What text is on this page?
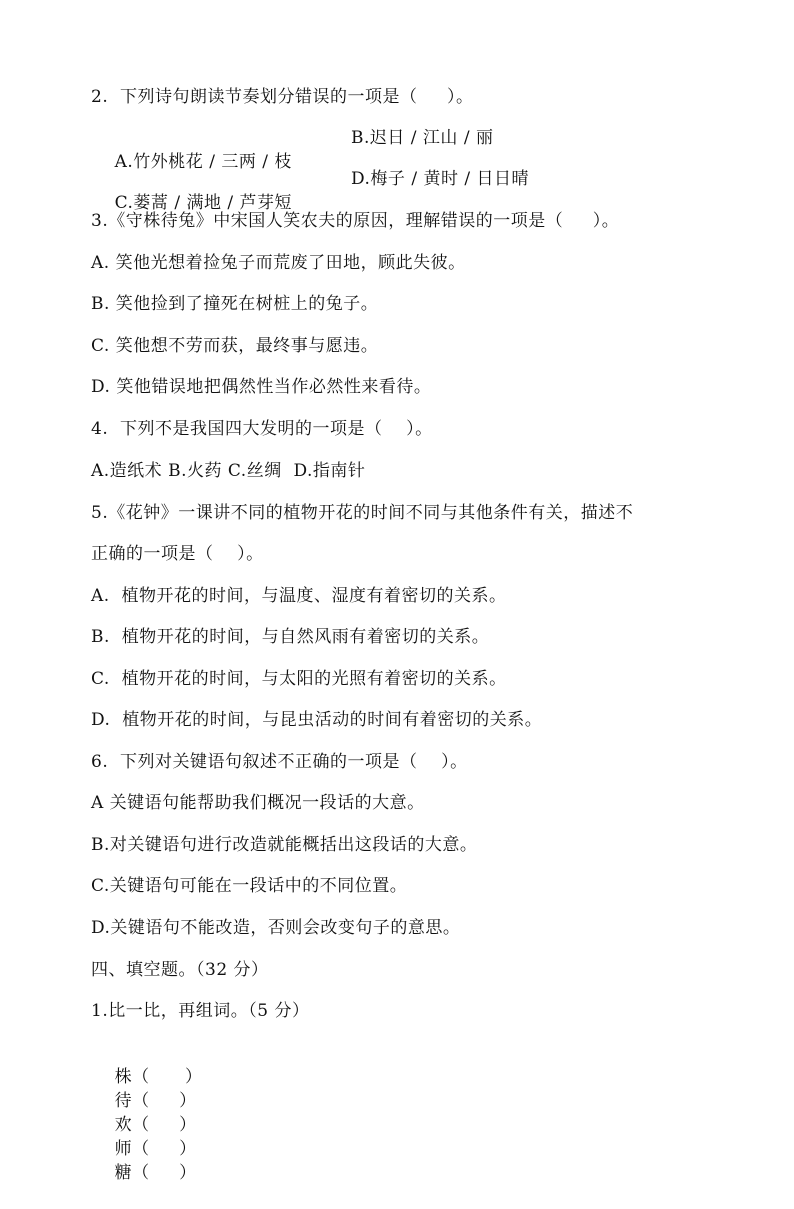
2.  下列诗句朗读节奏划分错误的一项是（     ）。

A.竹外桃花 / 三两 / 枝

B.迟日 / 江山 / 丽

C.蒌蒿 / 满地 / 芦芽短

D.梅子 / 黄时 / 日日晴

3.《守株待兔》中宋国人笑农夫的原因，理解错误的一项是（     ）。
A. 笑他光想着捡兔子而荒废了田地，顾此失彼。
B. 笑他捡到了撞死在树桩上的兔子。
C. 笑他想不劳而获，最终事与愿违。
D. 笑他错误地把偶然性当作必然性来看待。
4.  下列不是我国四大发明的一项是（    ）。
A.造纸术 B.火药 C.丝绸  D.指南针
5.《花钟》一课讲不同的植物开花的时间不同与其他条件有关，描述不
正确的一项是（    ）。
A.  植物开花的时间，与温度、湿度有着密切的关系。
B.  植物开花的时间，与自然风雨有着密切的关系。
C.  植物开花的时间，与太阳的光照有着密切的关系。
D.  植物开花的时间，与昆虫活动的时间有着密切的关系。
6.  下列对关键语句叙述不正确的一项是（    ）。
A 关键语句能帮助我们概况一段话的大意。
B.对关键语句进行改造就能概括出这段话的大意。
C.关键语句可能在一段话中的不同位置。
D.关键语句不能改造，否则会改变句子的意思。
四、填空题。（32 分）
1.比一比，再组词。（5 分）

株（      ）
待（     ）
欢（     ）
师（     ）
糖（     ）
